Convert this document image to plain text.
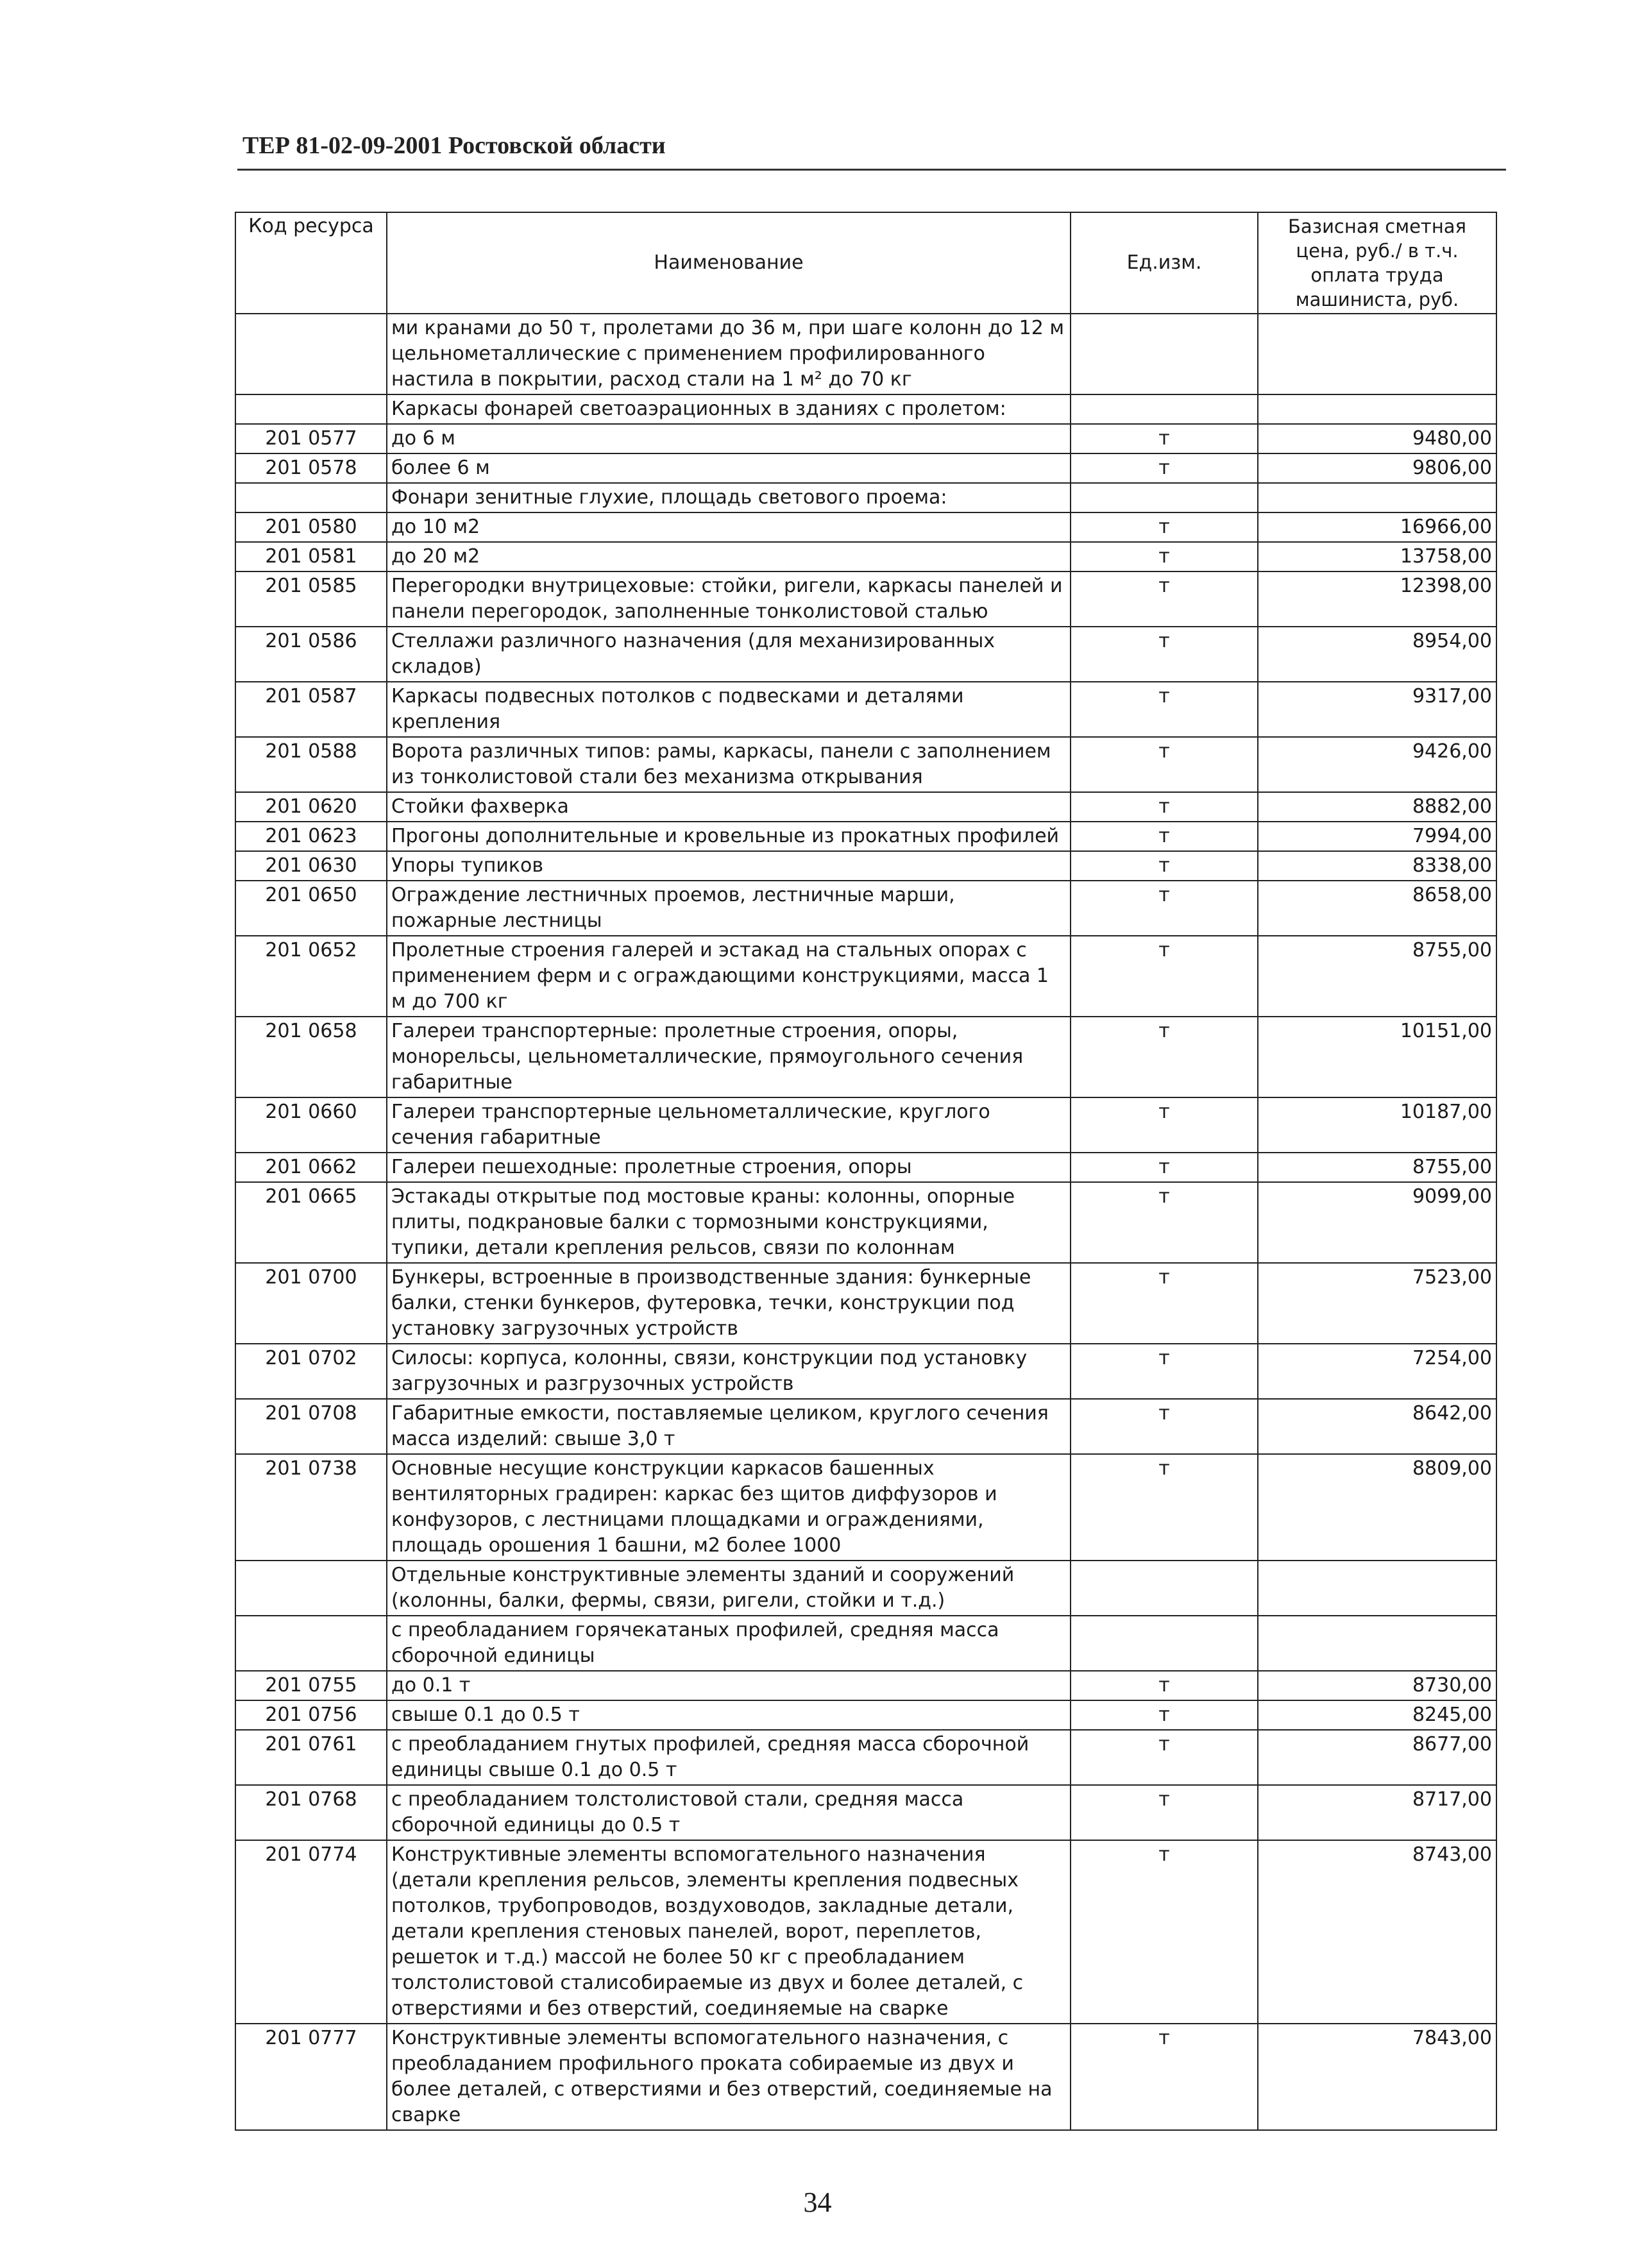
ТЕР 81-02-09-2001 Ростовской области
Код ресурса	Наименование	Ед.изм.	Базисная сметная цена, руб./ в т.ч. оплата труда машиниста, руб.
	ми кранами до 50 т, пролетами до 36 м, при шаге колонн до 12 м цельнометаллические с применением профилированного настила в покрытии, расход стали на 1 м² до 70 кг		
	Каркасы фонарей светоаэрационных в зданиях с пролетом:		
201 0577	до 6 м	т	9480,00
201 0578	более 6 м	т	9806,00
	Фонари зенитные глухие, площадь светового проема:		
201 0580	до 10 м2	т	16966,00
201 0581	до 20 м2	т	13758,00
201 0585	Перегородки внутрицеховые: стойки, ригели, каркасы панелей и панели перегородок, заполненные тонколистовой сталью	т	12398,00
201 0586	Стеллажи различного назначения (для механизированных складов)	т	8954,00
201 0587	Каркасы подвесных потолков с подвесками и деталями крепления	т	9317,00
201 0588	Ворота различных типов: рамы, каркасы, панели с заполнением из тонколистовой стали без механизма открывания	т	9426,00
201 0620	Стойки фахверка	т	8882,00
201 0623	Прогоны дополнительные и кровельные из прокатных профилей	т	7994,00
201 0630	Упоры тупиков	т	8338,00
201 0650	Ограждение лестничных проемов, лестничные марши, пожарные лестницы	т	8658,00
201 0652	Пролетные строения галерей и эстакад на стальных опорах с применением ферм и с ограждающими конструкциями, масса 1 м до 700 кг	т	8755,00
201 0658	Галереи транспортерные: пролетные строения, опоры, монорельсы, цельнометаллические, прямоугольного сечения габаритные	т	10151,00
201 0660	Галереи транспортерные цельнометаллические, круглого сечения габаритные	т	10187,00
201 0662	Галереи пешеходные: пролетные строения, опоры	т	8755,00
201 0665	Эстакады открытые под мостовые краны: колонны, опорные плиты, подкрановые балки с тормозными конструкциями, тупики, детали крепления рельсов, связи по колоннам	т	9099,00
201 0700	Бункеры, встроенные в производственные здания: бункерные балки, стенки бункеров, футеровка, течки, конструкции под установку загрузочных устройств	т	7523,00
201 0702	Силосы: корпуса, колонны, связи, конструкции под установку загрузочных и разгрузочных устройств	т	7254,00
201 0708	Габаритные емкости, поставляемые целиком, круглого сечения масса изделий: свыше 3,0 т	т	8642,00
201 0738	Основные несущие конструкции каркасов башенных вентиляторных градирен: каркас без щитов диффузоров и конфузоров, с лестницами площадками и ограждениями, площадь орошения 1 башни, м2 более 1000	т	8809,00
	Отдельные конструктивные элементы зданий и сооружений (колонны, балки, фермы, связи, ригели, стойки и т.д.)		
	с преобладанием горячекатаных профилей, средняя масса сборочной единицы		
201 0755	до 0.1 т	т	8730,00
201 0756	свыше 0.1 до 0.5 т	т	8245,00
201 0761	с преобладанием гнутых профилей, средняя масса сборочной единицы свыше 0.1 до 0.5 т	т	8677,00
201 0768	с преобладанием толстолистовой стали, средняя масса сборочной единицы до 0.5 т	т	8717,00
201 0774	Конструктивные элементы вспомогательного назначения (детали крепления рельсов, элементы крепления подвесных потолков, трубопроводов, воздуховодов, закладные детали, детали крепления стеновых панелей, ворот, переплетов, решеток и т.д.) массой не более 50 кг с преобладанием толстолистовой сталисобираемые из двух и более деталей, с отверстиями и без отверстий, соединяемые на сварке	т	8743,00
201 0777	Конструктивные элементы вспомогательного назначения, с преобладанием профильного проката собираемые из двух и более деталей, с отверстиями и без отверстий, соединяемые на сварке	т	7843,00
34
